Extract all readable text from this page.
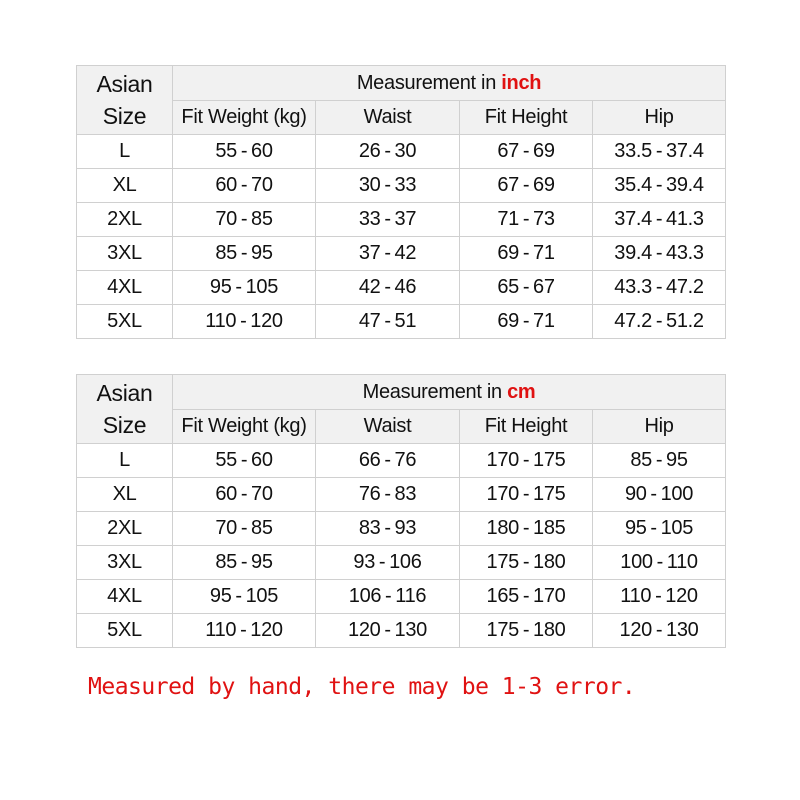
Asian
Size	Measurement in inch			
	Fit Weight (kg)	Waist	Fit Height	Hip
L	55 - 60	26 - 30	67 - 69	33.5 - 37.4
XL	60 - 70	30 - 33	67 - 69	35.4 - 39.4
2XL	70 - 85	33 - 37	71 - 73	37.4 - 41.3
3XL	85 - 95	37 - 42	69 - 71	39.4 - 43.3
4XL	95 - 105	42 - 46	65 - 67	43.3 - 47.2
5XL	110 - 120	47 - 51	69 - 71	47.2 - 51.2
Asian
Size	Measurement in cm			
	Fit Weight (kg)	Waist	Fit Height	Hip
L	55 - 60	66 - 76	170 - 175	85 - 95
XL	60 - 70	76 - 83	170 - 175	90 - 100
2XL	70 - 85	83 - 93	180 - 185	95 - 105
3XL	85 - 95	93 - 106	175 - 180	100 - 110
4XL	95 - 105	106 - 116	165 - 170	110 - 120
5XL	110 - 120	120 - 130	175 - 180	120 - 130
Measured by hand, there may be 1-3 error.
